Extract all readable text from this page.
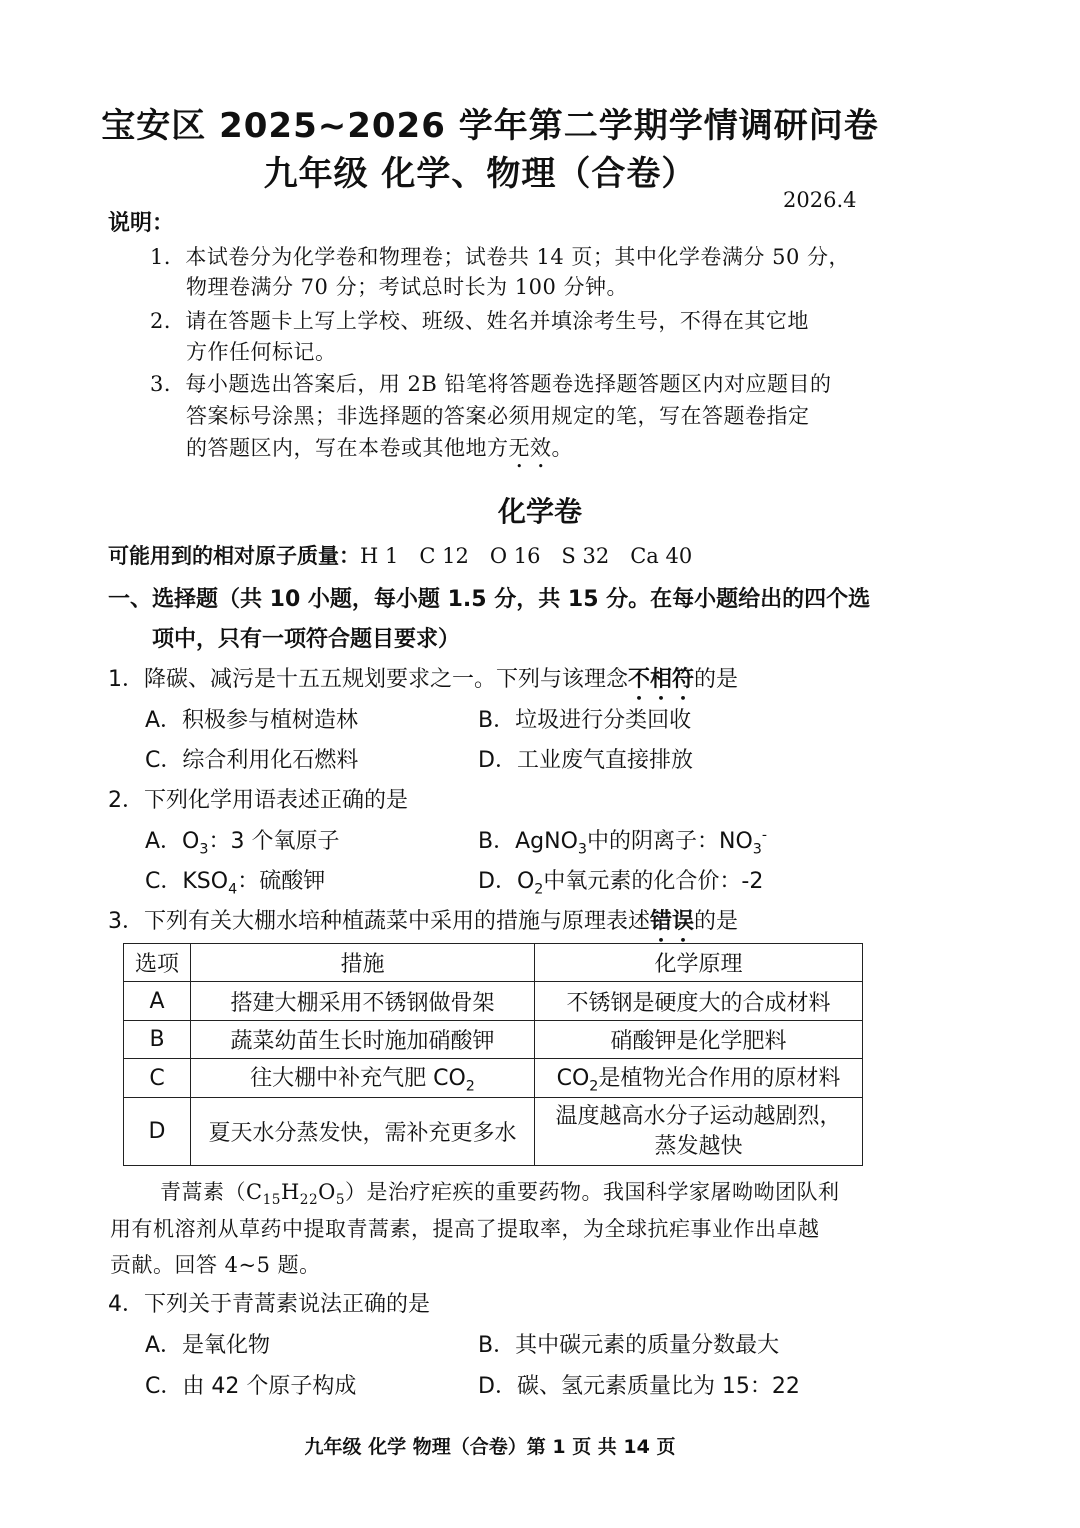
宝安区 2025~2026 学年第二学期学情调研问卷
九年级 化学、物理（合卷）
2026.4
说明：
1．本试卷分为化学卷和物理卷；试卷共 14 页；其中化学卷满分 50 分，
物理卷满分 70 分；考试总时长为 100 分钟。
2．请在答题卡上写上学校、班级、姓名并填涂考生号，不得在其它地
方作任何标记。
3．每小题选出答案后，用 2B 铅笔将答题卷选择题答题区内对应题目的
答案标号涂黑；非选择题的答案必须用规定的笔，写在答题卷指定
的答题区内，写在本卷或其他地方无效。
化学卷
可能用到的相对原子质量：H 1　C 12　O 16　S 32　Ca 40
一、选择题（共 10 小题，每小题 1.5 分，共 15 分。在每小题给出的四个选
项中，只有一项符合题目要求）
1．降碳、减污是十五五规划要求之一。下列与该理念不相符的是
A．积极参与植树造林	B．垃圾进行分类回收
C．综合利用化石燃料	D．工业废气直接排放
2．下列化学用语表述正确的是
A．$O_3$：3 个氧原子	B．AgNO$_3$中的阴离子：$NO_3^-$
C．$KSO_4$：硫酸钾	D．$O_2$中氧元素的化合价：-2
3．下列有关大棚水培种植蔬菜中采用的措施与原理表述错误的是
选项	措施	化学原理
A	搭建大棚采用不锈钢做骨架	不锈钢是硬度大的合成材料
B	蔬菜幼苗生长时施加硝酸钾	硝酸钾是化学肥料
C	往大棚中补充气肥 $CO_2$	$CO_2$是植物光合作用的原材料
D	夏天水分蒸发快，需补充更多水	温度越高水分子运动越剧烈，
蒸发越快
青蒿素$(C_{15}H_{22}O_5)$是治疗疟疾的重要药物。我国科学家屠呦呦团队利
用有机溶剂从草药中提取青蒿素，提高了提取率，为全球抗疟事业作出卓越
贡献。回答 4~5 题。
4．下列关于青蒿素说法正确的是
A．是氧化物	B．其中碳元素的质量分数最大
C．由 42 个原子构成	D．碳、氢元素质量比为 15：22
九年级 化学 物理（合卷）第 1 页 共 14 页
